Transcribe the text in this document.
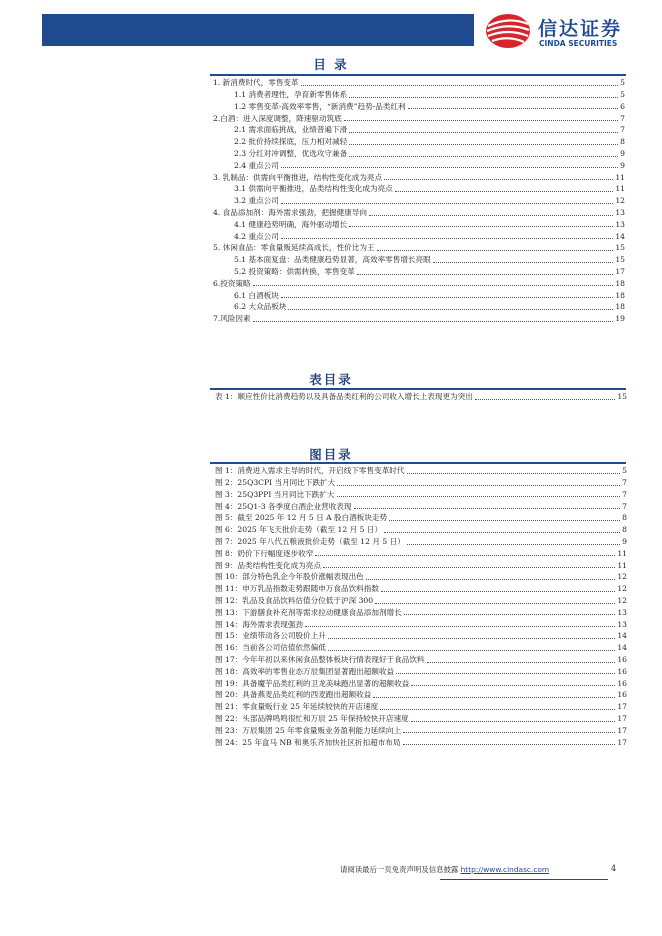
信达证券
CINDA SECURITIES
目 录
1. 新消费时代，零售变革	5
1.1 消费者理性，孕育新零售体系	5
1.2 零售变革-高效率零售，“新消费”趋势-品类红利	6
2.白酒：进入深度调整，降速驱动筑底	7
2.1 需求面临挑战，业绩普遍下滑	7
2.2 批价持续探底，压力相对减轻	8
2.3 分红对冲调整，优选攻守兼备	9
2.4 重点公司	9
3. 乳制品：供需向平衡推进，结构性变化成为亮点	11
3.1 供需向平衡推进，品类结构性变化成为亮点	11
3.2 重点公司	12
4. 食品添加剂：海外需求强劲，把握健康导向	13
4.1 健康趋势明确，海外驱动增长	13
4.2 重点公司	14
5. 休闲食品：零食量贩延续高成长，性价比为王	15
5.1 基本面复盘：品类健康趋势显著，高效率零售增长亮眼	15
5.2 投资策略：供需转换，零售变革	17
6.投资策略	18
6.1 白酒板块	18
6.2 大众品板块	18
7.风险因素	19
表目录
表 1：顺应性价比消费趋势以及具备品类红利的公司收入增长上表现更为突出	15
图目录
图 1：消费进入需求主导的时代，开启线下零售变革时代	5
图 2：25Q3CPI 当月同比下跌扩大	7
图 3：25Q3PPI 当月同比下跌扩大	7
图 4：25Q1-3 各季度白酒企业营收表现	7
图 5：截至 2025 年 12 月 5 日 A 股白酒板块走势	8
图 6：2025 年飞天批价走势（截至 12 月 5 日）	8
图 7：2025 年八代五粮液批价走势（截至 12 月 5 日）	9
图 8：奶价下行幅度逐步收窄	11
图 9：品类结构性变化成为亮点	11
图 10：部分特色乳企今年股价涨幅表现出色	12
图 11：申万乳品指数走势跟随申万食品饮料指数	12
图 12：乳品及食品饮料估值分位低于沪深 300	12
图 13：下游膳食补充剂等需求拉动健康食品添加剂增长	13
图 14：海外需求表现强劲	13
图 15：业绩带动各公司股价上升	14
图 16：当前各公司估值依然偏低	14
图 17：今年年初以来休闲食品整体板块行情表现好于食品饮料	16
图 18：高效率的零售业态万辰集团显著跑出超额收益	16
图 19：具备魔芋品类红利的卫龙美味跑出显著的超额收益	16
图 20：具备燕麦品类红利的西麦跑出超额收益	16
图 21：零食量贩行业 25 年延续较快的开店速度	17
图 22：头部品牌鸣鸣很忙和万辰 25 年保持较快开店速度	17
图 23：万辰集团 25 年零食量贩业务盈利能力延续向上	17
图 24：25 年盒马 NB 和奥乐齐加快社区折扣超市布局	17
请阅读最后一页免责声明及信息披露 http://www.cindasc.com	4
